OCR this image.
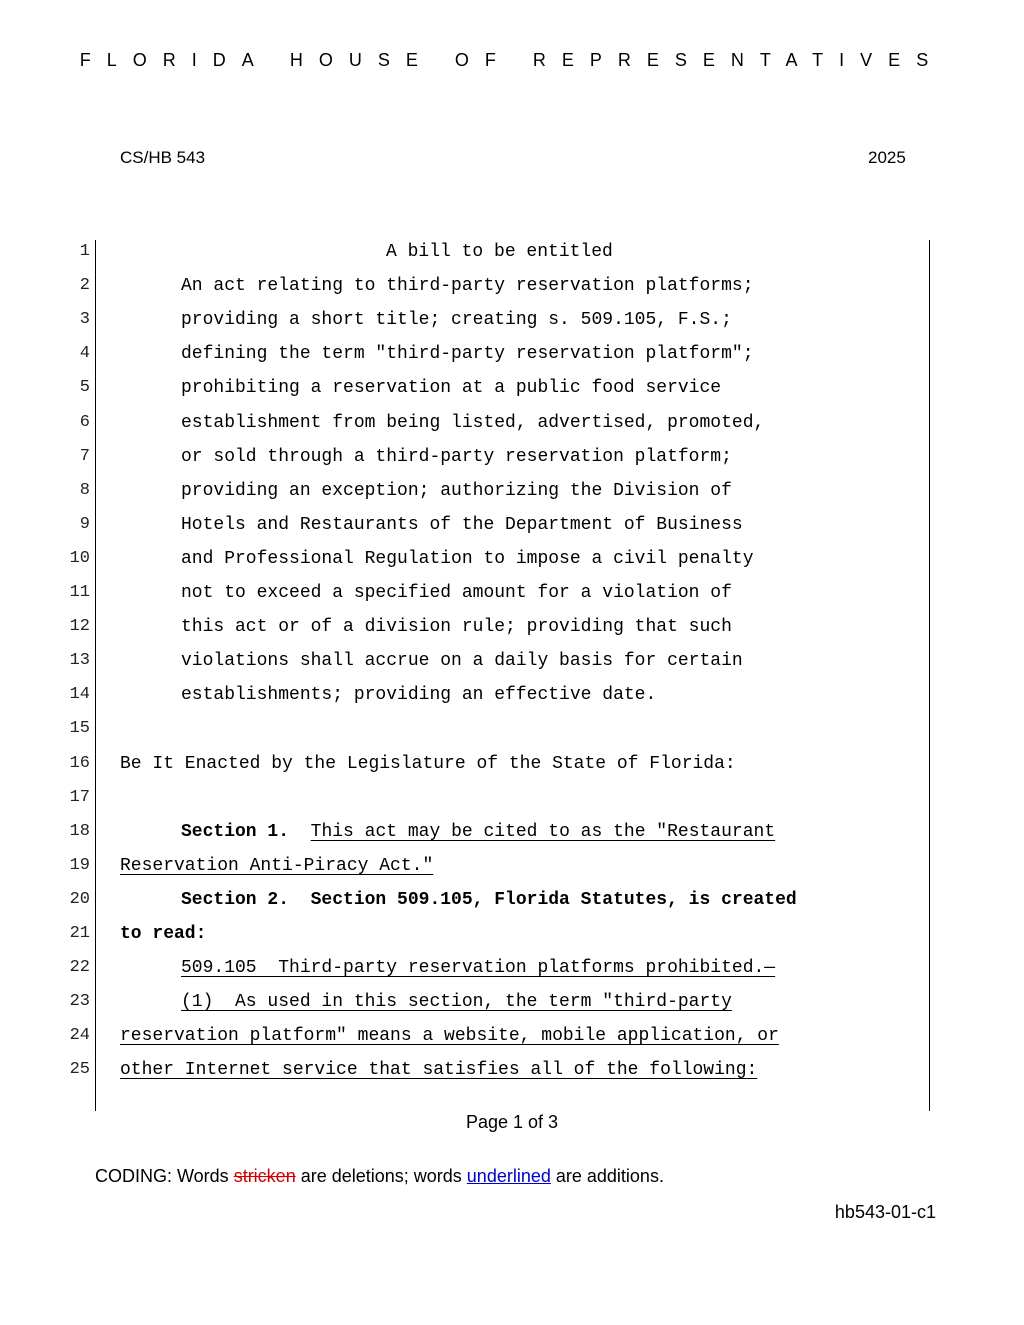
FLORIDA HOUSE OF REPRESENTATIVES
CS/HB 543	2025
1	A bill to be entitled
2	An act relating to third-party reservation platforms;
3	providing a short title; creating s. 509.105, F.S.;
4	defining the term "third-party reservation platform";
5	prohibiting a reservation at a public food service
6	establishment from being listed, advertised, promoted,
7	or sold through a third-party reservation platform;
8	providing an exception; authorizing the Division of
9	Hotels and Restaurants of the Department of Business
10	and Professional Regulation to impose a civil penalty
11	not to exceed a specified amount for a violation of
12	this act or of a division rule; providing that such
13	violations shall accrue on a daily basis for certain
14	establishments; providing an effective date.
15
16 Be It Enacted by the Legislature of the State of Florida:
17
18	Section 1. This act may be cited to as the "Restaurant
19 Reservation Anti-Piracy Act."
20	Section 2.  Section 509.105, Florida Statutes, is created
21 to read:
22	509.105  Third-party reservation platforms prohibited.—
23	(1)  As used in this section, the term "third-party
24 reservation platform" means a website, mobile application, or
25 other Internet service that satisfies all of the following:
Page 1 of 3
CODING: Words stricken are deletions; words underlined are additions.
hb543-01-c1
